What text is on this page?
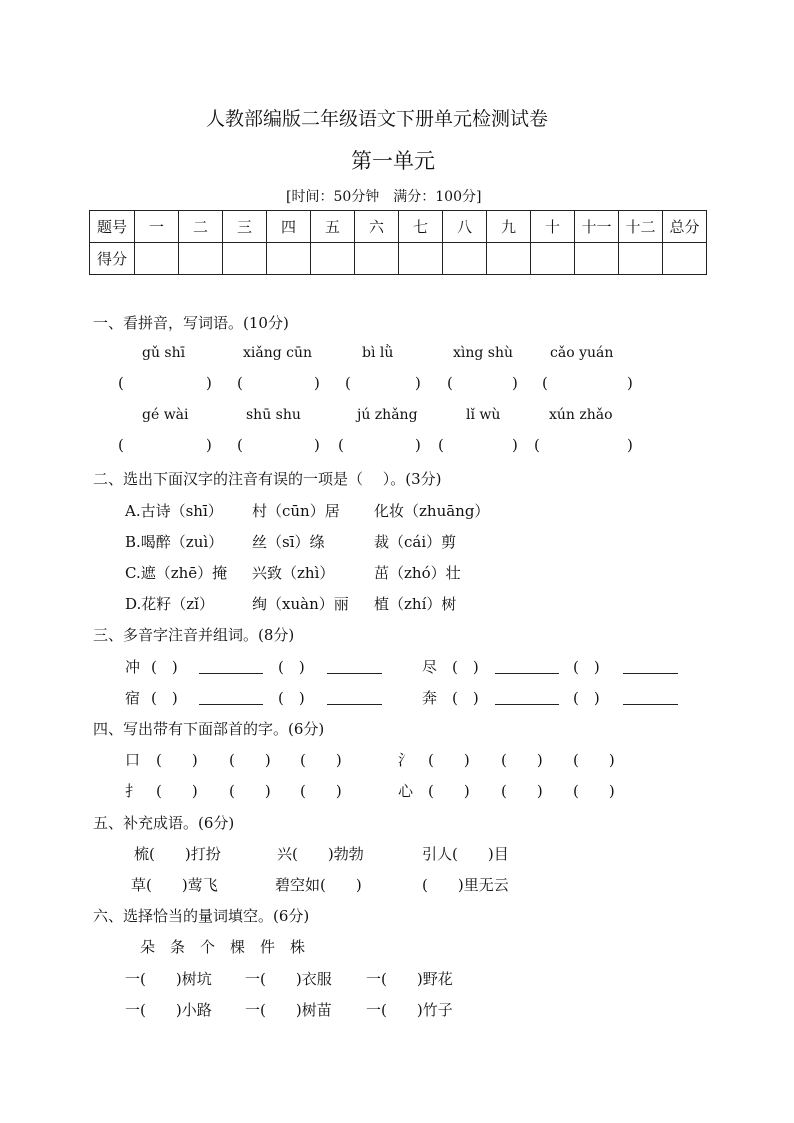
人教部编版二年级语文下册单元检测试卷
第一单元
[时间：50分钟　满分：100分]
题号	一	二	三	四	五	六	七	八	九	十	十一	十二	总分
得分													
一、看拼音，写词语。(10分)
gǔ shī	xiǎng cūn	bì lǜ	xìng shù	cǎo yuán
(	) (	) (	) (	) (	)
gé wài	shū shu	jú zhǎng	lǐ wù	xún zhǎo
(	) (	) (	) (	) (	)
二、选出下面汉字的注音有误的一项是（　 ）。(3分)
A.古诗（shī） 村（cūn）居 化妆（zhuāng）
B.喝醉（zuì） 丝（sī）绦	裁（cái）剪
C.遮（zhē）掩 兴致（zhì）	茁（zhó）壮
D.花籽（zǐ）	绚（xuàn）丽 植（zhí）树
三、多音字注音并组词。(8分)
冲 (　)	(　)	尽 (　)	(　)
宿 (　)	(　)	奔 (　)	(　)
四、写出带有下面部首的字。(6分)
口 (　　) (　　) (　　)	氵 (　　) (　　) (　　)
扌 (　　) (　　) (　　)	心 (　　) (　　) (　　)
五、补充成语。(6分)
梳(　　)打扮	兴(　　)勃勃	引人(　　)目
草(　　)莺飞	碧空如(　　)	(　　)里无云
六、选择恰当的量词填空。(6分)
朵　条　个　棵　件　株
一(　　)树坑 一(　　)衣服 一(　　)野花
一(　　)小路 一(　　)树苗 一(　　)竹子
